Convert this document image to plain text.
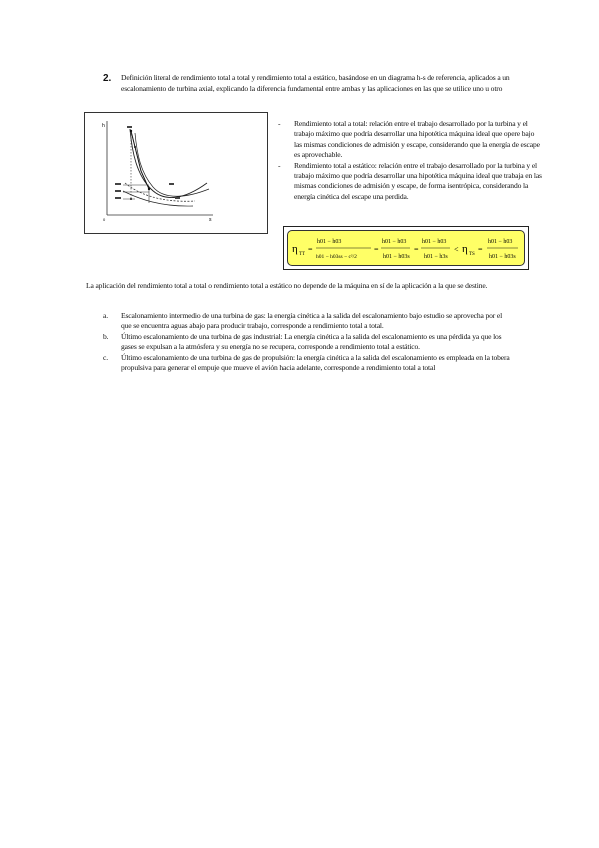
2. Definición literal de rendimiento total a total y rendimiento total a estático, basándose en un diagrama h-s de referencia, aplicados a un escalonamiento de turbina axial, explicando la diferencia fundamental entre ambas y las aplicaciones en las que se utilice uno u otro
h
s
0
- Rendimiento total a total: relación entre el trabajo desarrollado por la turbina y el trabajo máximo que podría desarrollar una hipotética máquina ideal que opere bajo las mismas condiciones de admisión y escape, considerando que la energía de escape es aprovechable.
- Rendimiento total a estático: relación entre el trabajo desarrollado por la turbina y el trabajo máximo que podría desarrollar una hipotética máquina ideal que trabaja en las mismas condiciones de admisión y escape, de forma isentrópica, considerando la energía cinética del escape una perdida.
η TT
=
h01 − h03
h01 − h03ss − c²/2
=
h01 − h03
h01 − h03s
=
h01 − h03
h01 − h3s
< η TS
=
h01 − h03
h01 − h03s
La aplicación del rendimiento total a total o rendimiento total a estático no depende de la máquina en sí de la aplicación a la que se destine.
a. Escalonamiento intermedio de una turbina de gas: la energía cinética a la salida del escalonamiento bajo estudio se aprovecha por el que se encuentra aguas abajo para producir trabajo, corresponde a rendimiento total a total.
b. Último escalonamiento de una turbina de gas industrial: La energía cinética a la salida del escalonamiento es una pérdida ya que los gases se expulsan a la atmósfera y su energía no se recupera, corresponde a rendimiento total a estático.
c. Último escalonamiento de una turbina de gas de propulsión: la energía cinética a la salida del escalonamiento es empleada en la tobera propulsiva para generar el empuje que mueve el avión hacia adelante, corresponde a rendimiento total a total
